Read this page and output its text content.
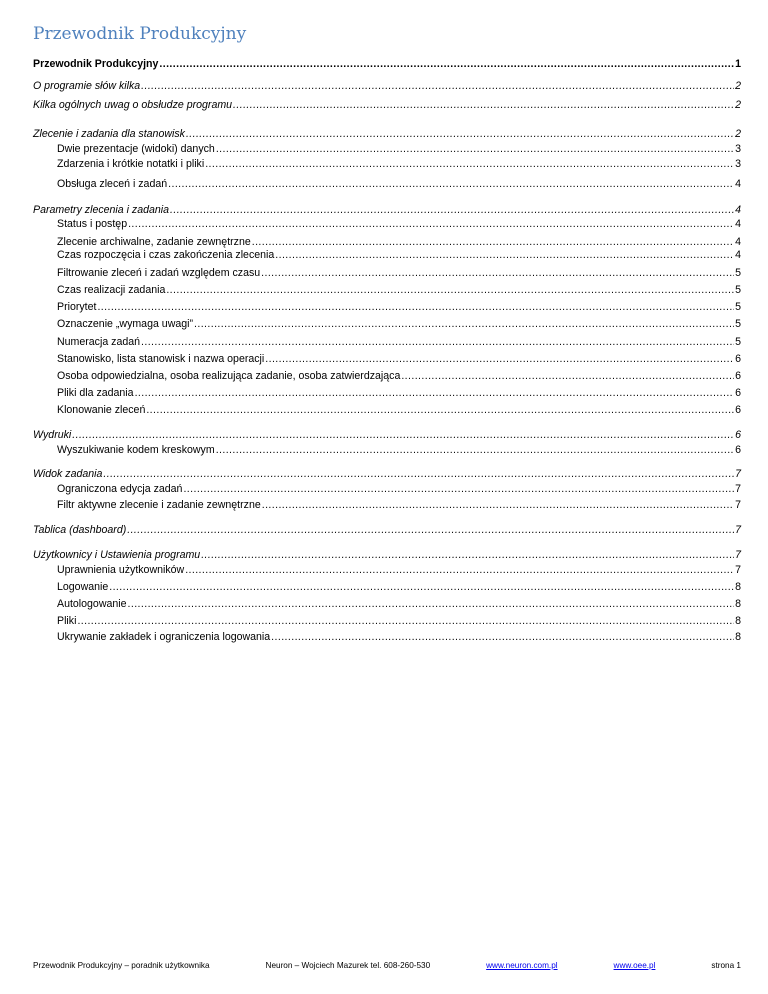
Przewodnik Produkcyjny
Przewodnik Produkcyjny .....	1
O programie słów kilka .....	2
Kilka ogólnych uwag o obsłudze programu .....	2
Zlecenie i zadania dla stanowisk .....	2
Dwie prezentacje (widoki) danych .....	3
Zdarzenia i krótkie notatki i pliki .....	3
Obsługa zleceń i zadań .....	4
Parametry zlecenia i zadania .....	4
Status i postęp .....	4
Zlecenie archiwalne, zadanie zewnętrzne .....	4
Czas rozpoczęcia i czas zakończenia zlecenia .....	4
Filtrowanie zleceń i zadań względem czasu .....	5
Czas realizacji zadania .....	5
Priorytet .....	5
Oznaczenie „wymaga uwagi” .....	5
Numeracja zadań .....	5
Stanowisko, lista stanowisk i nazwa operacji .....	6
Osoba odpowiedzialna, osoba realizująca zadanie, osoba zatwierdzająca .....	6
Pliki dla zadania .....	6
Klonowanie zleceń .....	6
Wydruki .....	6
Wyszukiwanie kodem kreskowym .....	6
Widok zadania .....	7
Ograniczona edycja zadań .....	7
Filtr aktywne zlecenie i zadanie zewnętrzne .....	7
Tablica (dashboard) .....	7
Użytkownicy i Ustawienia programu .....	7
Uprawnienia użytkowników .....	7
Logowanie .....	8
Autologowanie .....	8
Pliki .....	8
Ukrywanie zakładek i ograniczenia logowania .....	8
Przewodnik Produkcyjny – poradnik użytkownika	Neuron – Wojciech Mazurek tel. 608-260-530	www.neuron.com.pl	www.oee.pl	strona 1
